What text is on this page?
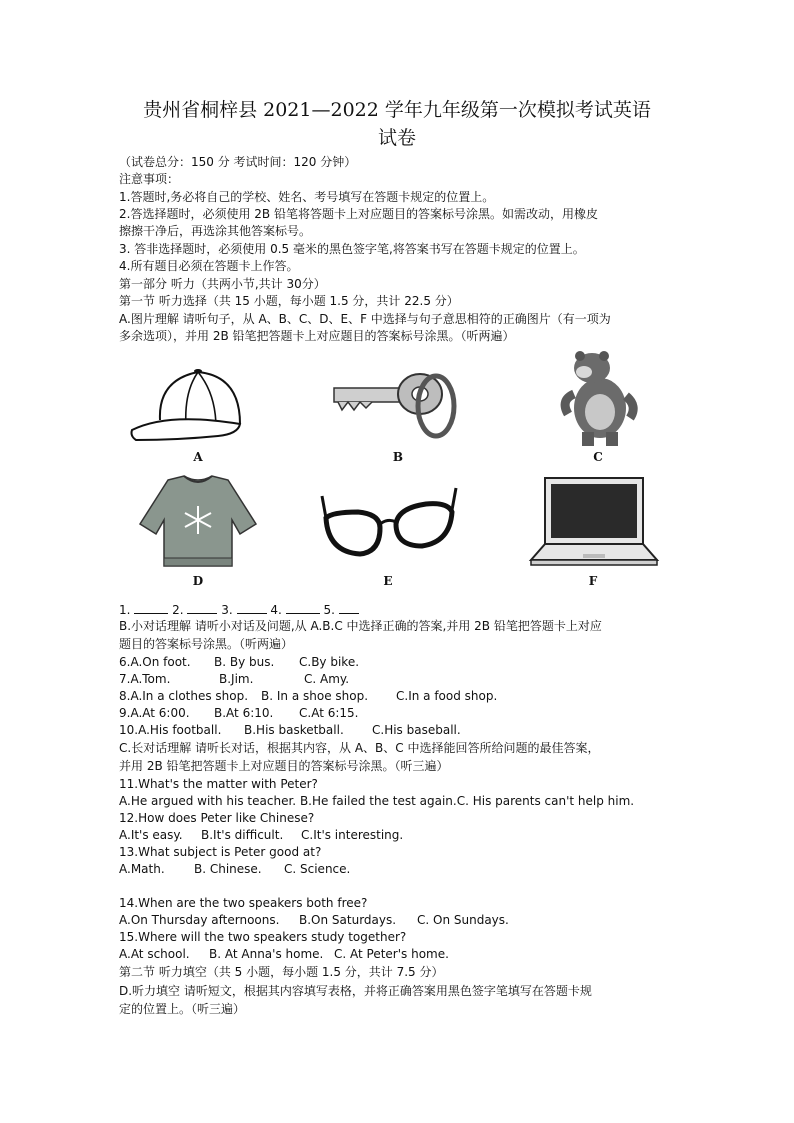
贵州省桐梓县 2021—2022 学年九年级第一次模拟考试英语
试卷
（试卷总分：150 分 考试时间：120 分钟）
注意事项：
1.答题时,务必将自己的学校、姓名、考号填写在答题卡规定的位置上。
2.答选择题时，必须使用 2B 铅笔将答题卡上对应题目的答案标号涂黑。如需改动，用橡皮
擦擦干净后，再选涂其他答案标号。
3. 答非选择题时，必须使用 0.5 毫米的黑色签字笔,将答案书写在答题卡规定的位置上。
4.所有题目必须在答题卡上作答。
第一部分 听力（共两小节,共计 30分）
第一节 听力选择（共 15 小题，每小题 1.5 分，共计 22.5 分）
A.图片理解 请听句子，从 A、B、C、D、E、F 中选择与句子意思相符的正确图片（有一项为
多余选项），并用 2B 铅笔把答题卡上对应题目的答案标号涂黑。（听两遍）
A	B	C
D	E	F
1.	2.	3.	4.	5.
B.小对话理解 请听小对话及问题,从 A.B.C 中选择正确的答案,并用 2B 铅笔把答题卡上对应
题目的答案标号涂黑。（听两遍）
6.A.On foot. B. By bus. C.By bike.
7.A.Tom.	B.Jim.	C. Amy.
8.A.In a clothes shop. B. In a shoe shop. C.In a food shop.
9.A.At 6:00. B.At 6:10. C.At 6:15.
10.A.His football. B.His basketball. C.His baseball.
C.长对话理解 请听长对话，根据其内容，从 A、B、C 中选择能回答所给问题的最佳答案，
并用 2B 铅笔把答题卡上对应题目的答案标号涂黑。（听三遍）
11.What's the matter with Peter?
A.He argued with his teacher. B.He failed the test again.C. His parents can't help him.
12.How does Peter like Chinese?
A.It's easy. B.It's difficult. C.It's interesting.
13.What subject is Peter good at?
A.Math. B. Chinese. C. Science.
14.When are the two speakers both free?
A.On Thursday afternoons. B.On Saturdays. C. On Sundays.
15.Where will the two speakers study together?
A.At school. B. At Anna's home. C. At Peter's home.
第二节 听力填空（共 5 小题，每小题 1.5 分，共计 7.5 分）
D.听力填空 请听短文，根据其内容填写表格，并将正确答案用黑色签字笔填写在答题卡规
定的位置上。（听三遍）
